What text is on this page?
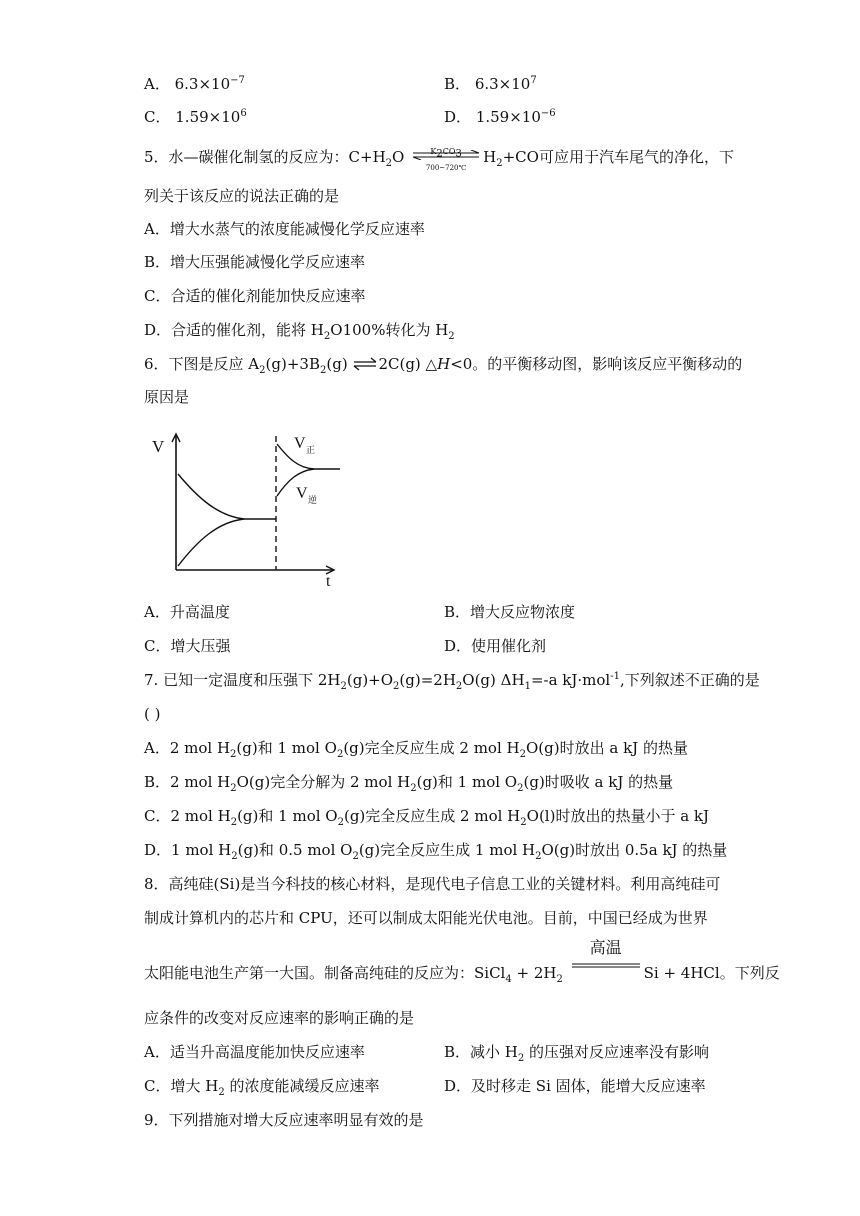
A． $6.3\times 10^{-7}$	B． $6.3\times 10^7$
C． $1.59\times 10^6$	D． $1.59\times 10^{-6}$
5．水—碳催化制氢的反应为：$C+H_2O$	$K_2CO_3$
700~720℃
$H_2+CO$可应用于汽车尾气的净化，下
列关于该反应的说法正确的是
A．增大水蒸气的浓度能减慢化学反应速率
B．增大压强能减慢化学反应速率
C．合适的催化剂能加快反应速率
D．合适的催化剂，能将 $H_2O100\%$转化为 $H_2$
6．下图是反应 $A_2(g)+3B_2(g)$ ⇌2C(g) △H<0。的平衡移动图，影响该反应平衡移动的
原因是
V
t
V 正
V 逆
A．升高温度	B．增大反应物浓度
C．增大压强	D．使用催化剂
7. 已知一定温度和压强下 $2H_2(g)+O_2(g)=2H_2O(g)$ $\Delta H_1=-a$ kJ·mol$^{-1}$,下列叙述不正确的是
( )
A．2 mol $H_2(g)$和 1 mol $O_2(g)$完全反应生成 2 mol $H_2O(g)$时放出 a kJ 的热量
B．2 mol $H_2O(g)$完全分解为 2 mol $H_2(g)$和 1 mol $O_2(g)$时吸收 a kJ 的热量
C．2 mol $H_2(g)$和 1 mol $O_2(g)$完全反应生成 2 mol $H_2O(l)$时放出的热量小于 a kJ
D．1 mol $H_2(g)$和 0.5 mol $O_2(g)$完全反应生成 1 mol $H_2O(g)$时放出 0.5a kJ 的热量
8．高纯硅(Si)是当今科技的核心材料，是现代电子信息工业的关键材料。利用高纯硅可
制成计算机内的芯片和 CPU，还可以制成太阳能光伏电池。目前，中国已经成为世界
太阳能电池生产第一大国。制备高纯硅的反应为：SiCl$_4$ + $2H_2$
高温
Si + 4HCl。下列反
应条件的改变对反应速率的影响正确的是
A．适当升高温度能加快反应速率	B．减小 $H_2$ 的压强对反应速率没有影响
C．增大 $H_2$ 的浓度能减缓反应速率	D．及时移走 Si 固体，能增大反应速率
9．下列措施对增大反应速率明显有效的是
